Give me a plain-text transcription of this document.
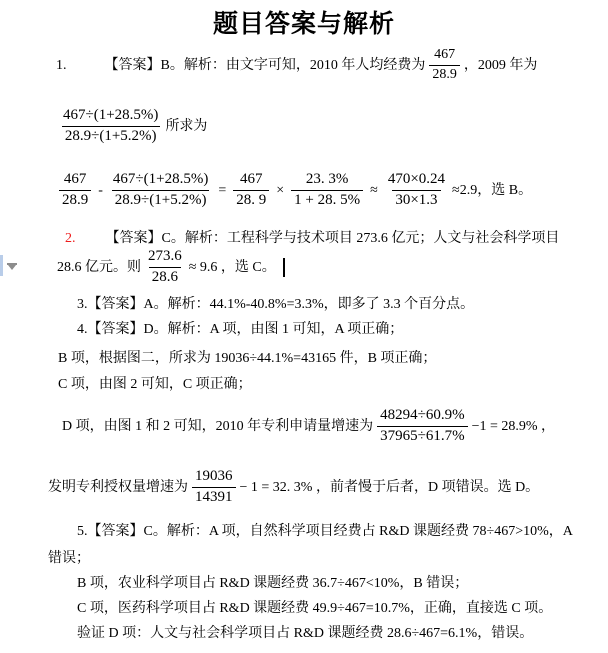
题目答案与解析
1.	【答案】B。解析：由文字可知，2010 年人均经费为 $\frac{467}{28.9}$ ，2009 年为
$\frac{467\div(1+28.5\%)}{28.9\div(1+5.2\%)}$ 所求为
$\frac{467}{28.9} - \frac{467\div(1+28.5\%)}{28.9\div(1+5.2\%)} = \frac{467}{28. 9} \times \frac{23. 3\%}{1 + 28. 5\%} \approx \frac{470\times 0.24}{30\times 1.3} \approx 2.9$，选 B。
2. 【答案】C。解析：工程科学与技术项目 273.6 亿元；人文与社会科学项目
28.6 亿元。则 $\frac{273.6}{28.6} \approx 9.6$ ，选 C。
3.【答案】A。解析：44.1%-40.8%=3.3%，即多了 3.3 个百分点。
4.【答案】D。解析：A 项，由图 1 可知，A 项正确；
B 项，根据图二，所求为 19036÷44.1%=43165 件，B 项正确；
C 项，由图 2 可知，C 项正确；
D 项，由图 1 和 2 可知，2010 年专利申请量增速为 $\frac{48294\div 60.9\%}{37965\div 61.7\%} -1 = 28.9\%$ ，
发明专利授权量增速为 $\frac{19036}{14391} - 1 = 32$. 3% ，前者慢于后者，D 项错误。选 D。
5.【答案】C。解析：A 项，自然科学项目经费占 R&D 课题经费 78÷467>10%，A
错误；
B 项，农业科学项目占 R&D 课题经费 36.7÷467<10%，B 错误；
C 项，医药科学项目占 R&D 课题经费 49.9÷467=10.7%，正确，直接选 C 项。
验证 D 项：人文与社会科学项目占 R&D 课题经费 28.6÷467=6.1%，错误。
